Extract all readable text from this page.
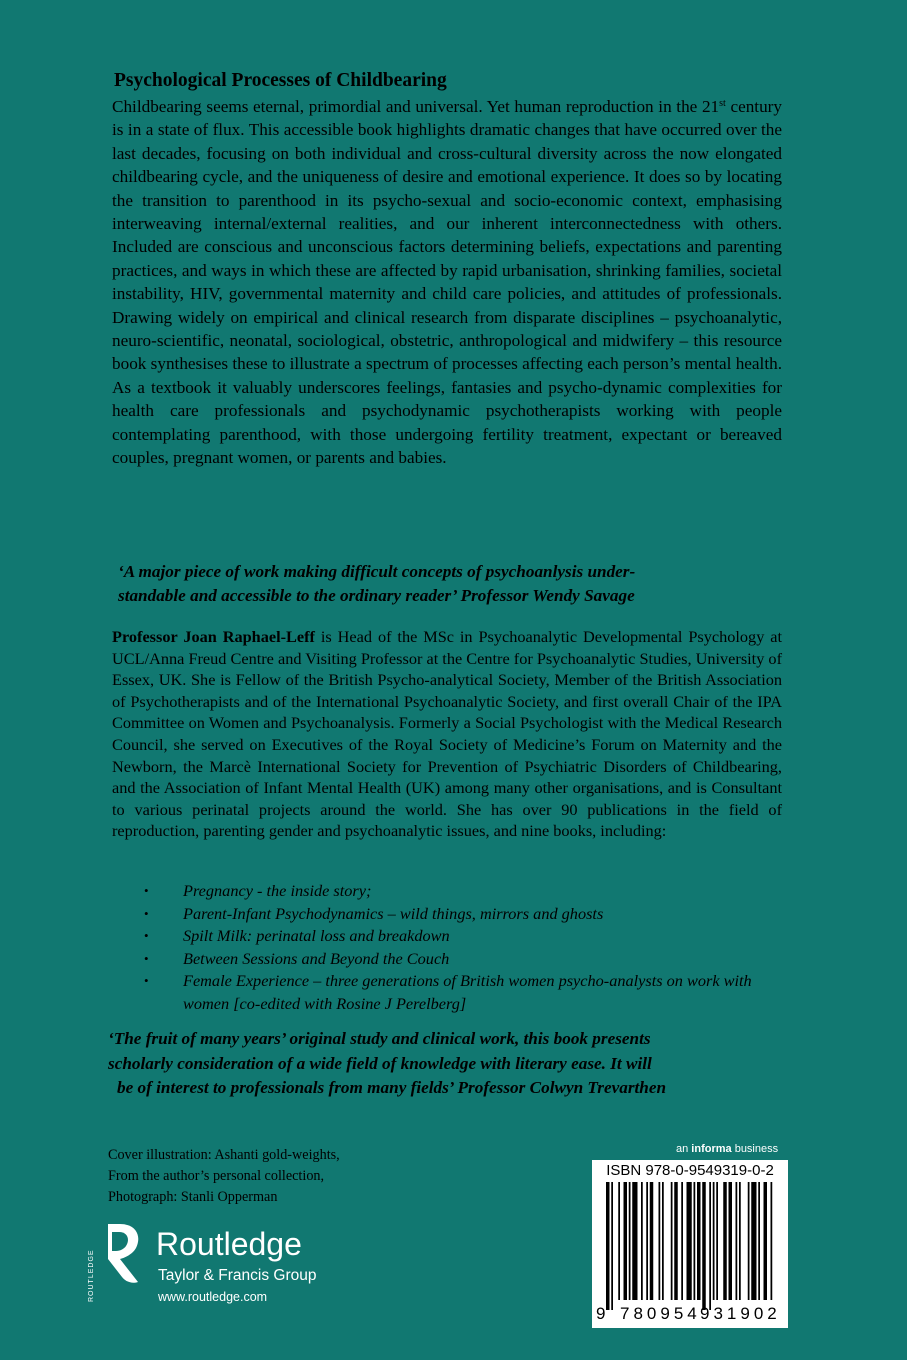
Psychological Processes of Childbearing

Childbearing seems eternal, primordial and universal. Yet human reproduction in the 21st century is in a state of flux. This accessible book highlights dramatic changes that have occurred over the last decades, focusing on both individual and cross-cultural diversity across the now elongated childbearing cycle, and the uniqueness of desire and emotional experience. It does so by locating the transition to parenthood in its psycho-sexual and socio-economic context, emphasising interweaving internal/external realities, and our inherent interconnectedness with others. Included are conscious and unconscious factors determining beliefs, expectations and parenting practices, and ways in which these are affected by rapid urbanisation, shrinking families, societal instability, HIV, governmental maternity and child care policies, and attitudes of professionals. Drawing widely on empirical and clinical research from disparate disciplines – psychoanalytic, neuro-scientific, neonatal, sociological, obstetric, anthropological and midwifery – this resource book synthesises these to illustrate a spectrum of processes affecting each person’s mental health. As a textbook it valuably underscores feelings, fantasies and psycho-dynamic complexities for health care professionals and psychodynamic psychotherapists working with people contemplating parenthood, with those undergoing fertility treatment, expectant or bereaved couples, pregnant women, or parents and babies.

‘A major piece of work making difficult concepts of psychoanlysis under-
standable and accessible to the ordinary reader’ Professor Wendy Savage

Professor Joan Raphael-Leff is Head of the MSc in Psychoanalytic Developmental Psychology at UCL/Anna Freud Centre and Visiting Professor at the Centre for Psychoanalytic Studies, University of Essex, UK. She is Fellow of the British Psycho-analytical Society, Member of the British Association of Psychotherapists and of the International Psychoanalytic Society, and first overall Chair of the IPA Committee on Women and Psychoanalysis. Formerly a Social Psychologist with the Medical Research Council, she served on Executives of the Royal Society of Medicine’s Forum on Maternity and the Newborn, the Marcè International Society for Prevention of Psychiatric Disorders of Childbearing, and the Association of Infant Mental Health (UK) among many other organisations, and is Consultant to various perinatal projects around the world. She has over 90 publications in the field of reproduction, parenting gender and psychoanalytic issues, and nine books, including:

• Pregnancy - the inside story;
• Parent-Infant Psychodynamics – wild things, mirrors and ghosts
• Spilt Milk: perinatal loss and breakdown
• Between Sessions and Beyond the Couch
• Female Experience – three generations of British women psycho-analysts on work with women [co-edited with Rosine J Perelberg]

‘The fruit of many years’ original study and clinical work, this book presents
scholarly consideration of a wide field of knowledge with literary ease. It will
be of interest to professionals from many fields’ Professor Colwyn Trevarthen

Cover illustration: Ashanti gold-weights,
From the author’s personal collection,
Photograph: Stanli Opperman
ROUTLEDGE
Routledge
Taylor & Francis Group
www.routledge.com
an informa business
ISBN 978-0-9549319-0-2
9 780954 931902
